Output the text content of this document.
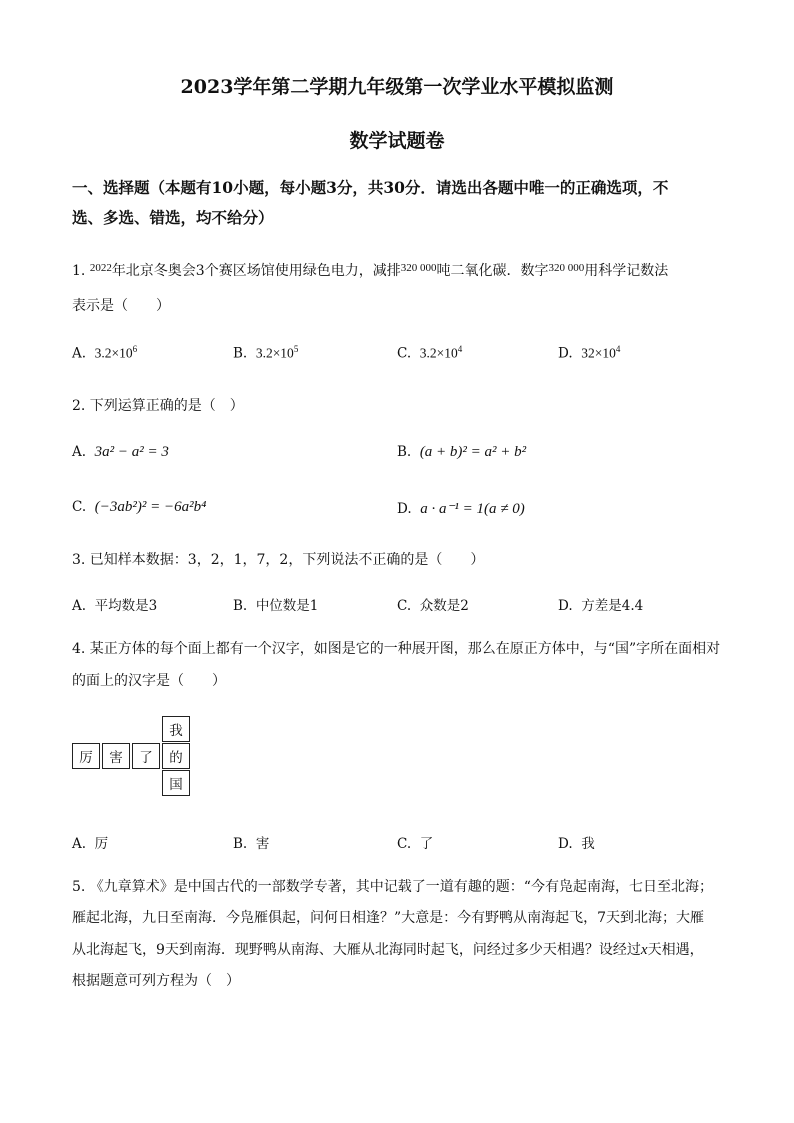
2023学年第二学期九年级第一次学业水平模拟监测
数学试题卷
一、选择题（本题有10小题，每小题3分，共30分．请选出各题中唯一的正确选项，不
选、多选、错选，均不给分）
1. $^{2022}$年北京冬奥会3个赛区场馆使用绿色电力，减排$^{320 000}$吨二氧化碳．数字$^{320 000}$用科学记数法
表示是（　　）
A. $3.2\times 10^6$	B. $3.2\times 10^5$	C. $3.2\times 10^4$	D. $32\times 10^4$
2. 下列运算正确的是（　）
A. 3a² − a² = 3	B. (a + b)² = a² + b²
C. (−3ab²)² = −6a²b⁴	D. a · a⁻¹ = 1(a ≠ 0)
3. 已知样本数据：3，2，1，7，2，下列说法不正确的是（　　）
A. 平均数是3	B. 中位数是1	C. 众数是2	D. 方差是4.4
4. 某正方体的每个面上都有一个汉字，如图是它的一种展开图，那么在原正方体中，与“国”字所在面相对
的面上的汉字是（　　）
厉	害	了
我
的
国
A. 厉	B. 害	C. 了	D. 我
5. 《九章算术》是中国古代的一部数学专著，其中记载了一道有趣的题：“今有凫起南海，七日至北海；
雁起北海，九日至南海．今凫雁俱起，问何日相逢？”大意是：今有野鸭从南海起飞，7天到北海；大雁
从北海起飞，9天到南海．现野鸭从南海、大雁从北海同时起飞，问经过多少天相遇？设经过x天相遇，
根据题意可列方程为（　）
